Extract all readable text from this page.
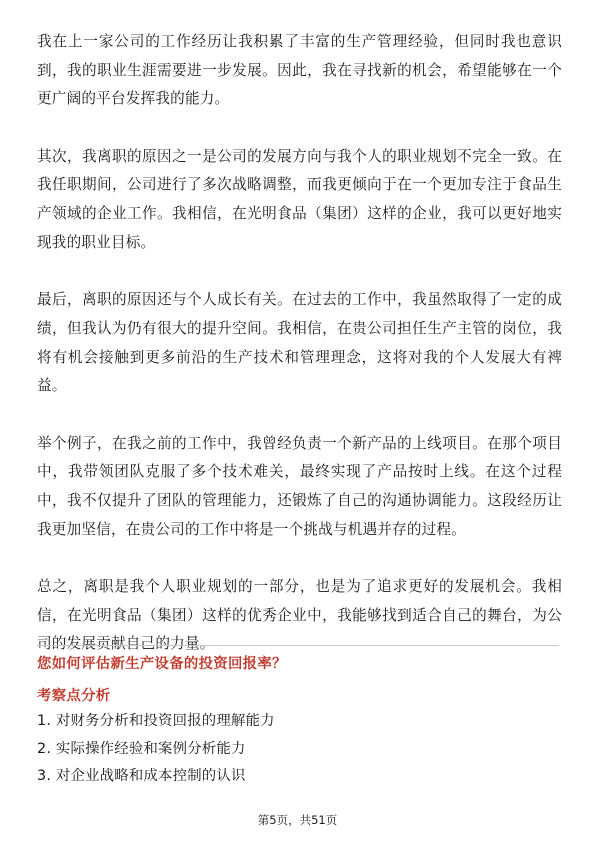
我在上一家公司的工作经历让我积累了丰富的生产管理经验，但同时我也意识到，我的职业生涯需要进一步发展。因此，我在寻找新的机会，希望能够在一个更广阔的平台发挥我的能力。

其次，我离职的原因之一是公司的发展方向与我个人的职业规划不完全一致。在我任职期间，公司进行了多次战略调整，而我更倾向于在一个更加专注于食品生产领域的企业工作。我相信，在光明食品（集团）这样的企业，我可以更好地实现我的职业目标。

最后，离职的原因还与个人成长有关。在过去的工作中，我虽然取得了一定的成绩，但我认为仍有很大的提升空间。我相信，在贵公司担任生产主管的岗位，我将有机会接触到更多前沿的生产技术和管理理念，这将对我的个人发展大有裨益。

举个例子，在我之前的工作中，我曾经负责一个新产品的上线项目。在那个项目中，我带领团队克服了多个技术难关，最终实现了产品按时上线。在这个过程中，我不仅提升了团队的管理能力，还锻炼了自己的沟通协调能力。这段经历让我更加坚信，在贵公司的工作中将是一个挑战与机遇并存的过程。

总之，离职是我个人职业规划的一部分，也是为了追求更好的发展机会。我相信，在光明食品（集团）这样的优秀企业中，我能够找到适合自己的舞台，为公司的发展贡献自己的力量。

您如何评估新生产设备的投资回报率？
考察点分析
1. 对财务分析和投资回报的理解能力
2. 实际操作经验和案例分析能力
3. 对企业战略和成本控制的认识
第5页，共51页
